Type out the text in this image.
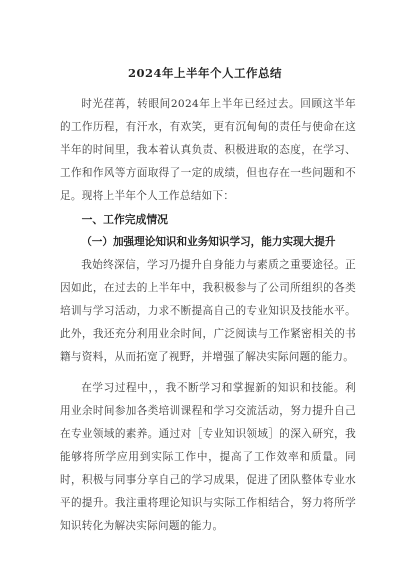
2024年上半年个人工作总结
时光荏苒，转眼间2024年上半年已经过去。回顾这半年的工作历程，有汗水，有欢笑，更有沉甸甸的责任与使命在这半年的时间里，我本着认真负责、积极进取的态度，在学习、工作和作风等方面取得了一定的成绩，但也存在一些问题和不足。现将上半年个人工作总结如下：
一、工作完成情况
（一）加强理论知识和业务知识学习，能力实现大提升
我始终深信，学习乃提升自身能力与素质之重要途径。正因如此，在过去的上半年中，我积极参与了公司所组织的各类培训与学习活动，力求不断提高自己的专业知识及技能水平。此外，我还充分利用业余时间，广泛阅读与工作紧密相关的书籍与资料，从而拓宽了视野，并增强了解决实际问题的能力。
在学习过程中，，我不断学习和掌握新的知识和技能。利用业余时间参加各类培训课程和学习交流活动，努力提升自己在专业领域的素养。通过对［专业知识领域］的深入研究，我能够将所学应用到实际工作中，提高了工作效率和质量。同时，积极与同事分享自己的学习成果，促进了团队整体专业水平的提升。我注重将理论知识与实际工作相结合，努力将所学知识转化为解决实际问题的能力。
